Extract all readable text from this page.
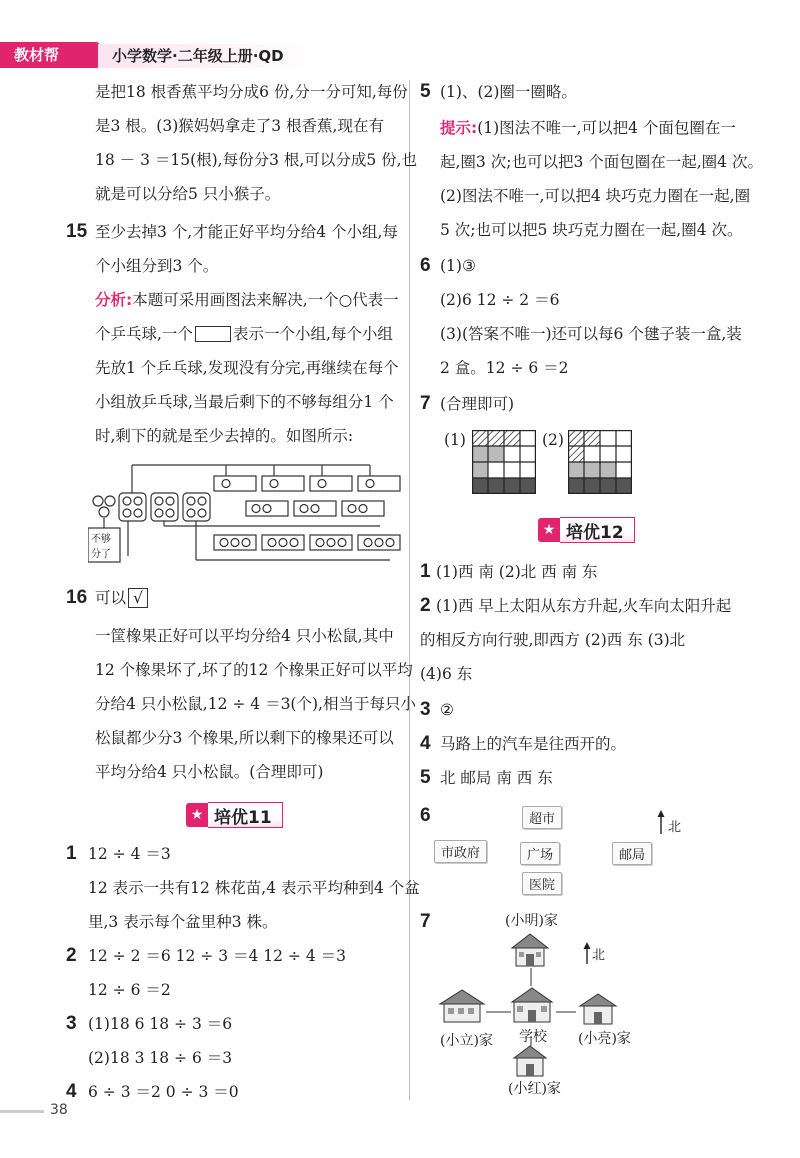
教材帮	小学数学·二年级上册·QD
是把18 根香蕉平均分成6 份,分一分可知,每份
是3 根。(3)猴妈妈拿走了3 根香蕉,现在有
18 － 3 ＝15(根),每份分3 根,可以分成5 份,也
就是可以分给5 只小猴子。
15 至少去掉3 个,才能正好平均分给4 个小组,每
个小组分到3 个。
分析:本题可采用画图法来解决,一个○代表一
个乒乓球,一个	表示一个小组,每个小组
先放1 个乒乓球,发现没有分完,再继续在每个
小组放乒乓球,当最后剩下的不够每组分1 个
时,剩下的就是至少去掉的。如图所示:
不够
分了
16 可以 √
一筐橡果正好可以平均分给4 只小松鼠,其中
12 个橡果坏了,坏了的12 个橡果正好可以平均
分给4 只小松鼠,12 ÷ 4 ＝3(个),相当于每只小
松鼠都少分3 个橡果,所以剩下的橡果还可以
平均分给4 只小松鼠。(合理即可)
★ 培优11
1 12 ÷ 4 ＝3
12 表示一共有12 株花苗,4 表示平均种到4 个盆
里,3 表示每个盆里种3 株。
2 12 ÷ 2 ＝6 12 ÷ 3 ＝4 12 ÷ 4 ＝3
12 ÷ 6 ＝2
3 (1)18 6 18 ÷ 3 ＝6
(2)18 3 18 ÷ 6 ＝3
4 6 ÷ 3 ＝2 0 ÷ 3 ＝0
38
5 (1)、(2)圈一圈略。
提示:(1)图法不唯一,可以把4 个面包圈在一
起,圈3 次;也可以把3 个面包圈在一起,圈4 次。
(2)图法不唯一,可以把4 块巧克力圈在一起,圈
5 次;也可以把5 块巧克力圈在一起,圈4 次。
6 (1)③
(2)6 12 ÷ 2 ＝6
(3)(答案不唯一)还可以每6 个毽子装一盒,装
2 盒。12 ÷ 6 ＝2
7 (合理即可)
(1)	(2)
★ 培优12
1 (1)西 南 (2)北 西 南 东
2 (1)西 早上太阳从东方升起,火车向太阳升起
的相反方向行驶,即西方 (2)西 东 (3)北
(4)6 东
3 ②
4 马路上的汽车是往西开的。
5 北 邮局 南 西 东
6	超市
市政府	广场	邮局
医院
北
7	(小明)家
北
学校
(小立)家	(小亮)家
(小红)家
